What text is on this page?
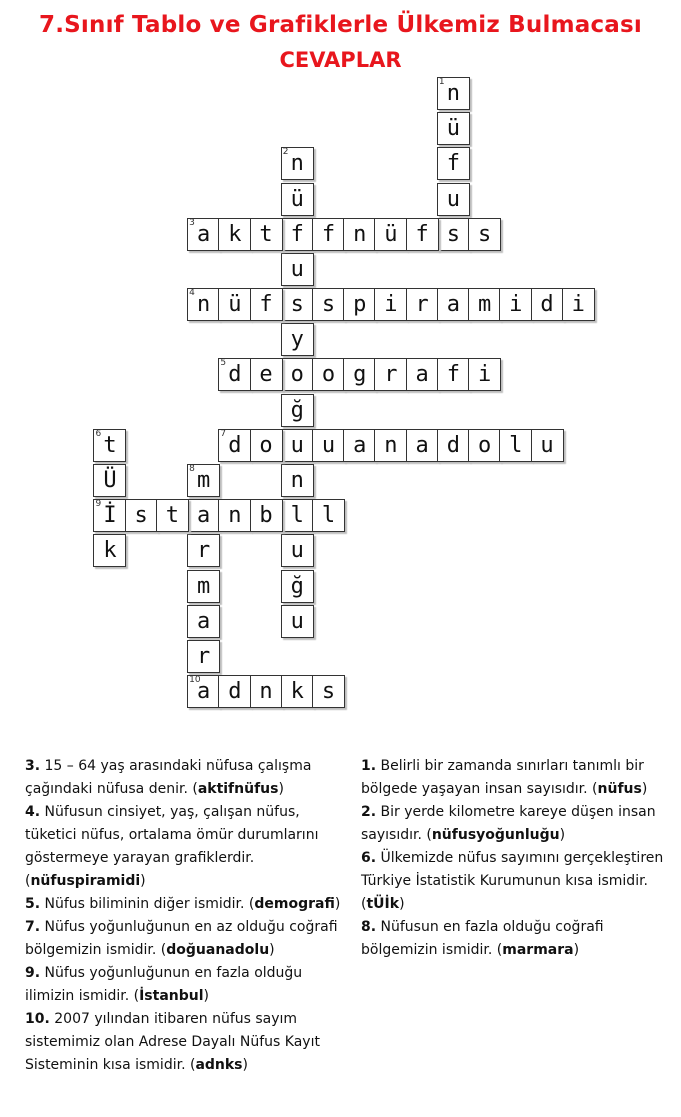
7.Sınıf Tablo ve Grafiklerle Ülkemiz Bulmacası
CEVAPLAR
n
1
ü
f
u
s
n
2
ü
f
u
s
y
o
ğ
u
n
l
u
ğ
u
a
3	k t	f n ü f	s
n
4	ü f	s p i r a m i d i
d
5	e	o g r a f i
t
6
Ü
İ
9
k
d
7	o	u a n a d o l u
m
8
a
r
m
a
r
a
10
s t	n b	l
d n k s

3. 15 – 64 yaş arasındaki nüfusa çalışma çağındaki nüfusa denir. (aktifnüfus)

4. Nüfusun cinsiyet, yaş, çalışan nüfus, tüketici nüfus, ortalama ömür durumlarını göstermeye yarayan grafiklerdir. (nüfuspiramidi)

5. Nüfus biliminin diğer ismidir. (demografi)

7. Nüfus yoğunluğunun en az olduğu coğrafi bölgemizin ismidir. (doğuanadolu)

9. Nüfus yoğunluğunun en fazla olduğu ilimizin ismidir. (İstanbul)

10. 2007 yılından itibaren nüfus sayım sistemimiz olan Adrese Dayalı Nüfus Kayıt Sisteminin kısa ismidir. (adnks)

1. Belirli bir zamanda sınırları tanımlı bir bölgede yaşayan insan sayısıdır. (nüfus)

2. Bir yerde kilometre kareye düşen insan sayısıdır. (nüfusyoğunluğu)

6. Ülkemizde nüfus sayımını gerçekleştiren Türkiye İstatistik Kurumunun kısa ismidir. (tÜİk)

8. Nüfusun en fazla olduğu coğrafi bölgemizin ismidir. (marmara)
